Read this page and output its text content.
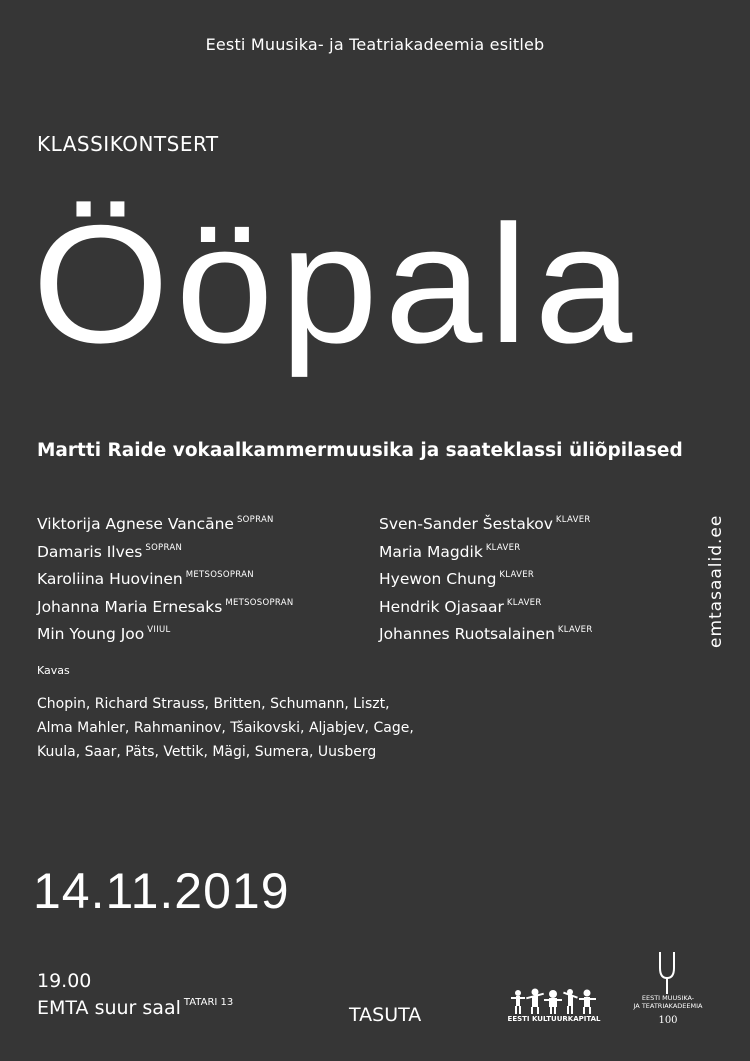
Eesti Muusika- ja Teatriakadeemia esitleb
KLASSIKONTSERT
Ööpala
Martti Raide vokaalkammermuusika ja saateklassi üliõpilased
Viktorija Agnese Vancāne $^{SOPRAN}$
Damaris Ilves $^{SOPRAN}$
Karoliina Huovinen $^{METSOSOPRAN}$
Johanna Maria Ernesaks $^{METSOSOPRAN}$
Min Young Joo $^{VIIUL}$
Sven-Sander Šestakov $^{KLAVER}$
Maria Magdik $^{KLAVER}$
Hyewon Chung $^{KLAVER}$
Hendrik Ojasaar $^{KLAVER}$
Johannes Ruotsalainen $^{KLAVER}$	emtasaalid.ee
Kavas
Chopin, Richard Strauss, Britten, Schumann, Liszt,
Alma Mahler, Rahmaninov, Tšaikovski, Aljabjev, Cage,
Kuula, Saar, Päts, Vettik, Mägi, Sumera, Uusberg
14.11.2019
19.00
EMTA suur saal $^{TATARI 13}$
TASUTA	EESTI KULTUURKAPITAL
EESTI MUUSIKA-
JA TEATRIAKADEEMIA
100
